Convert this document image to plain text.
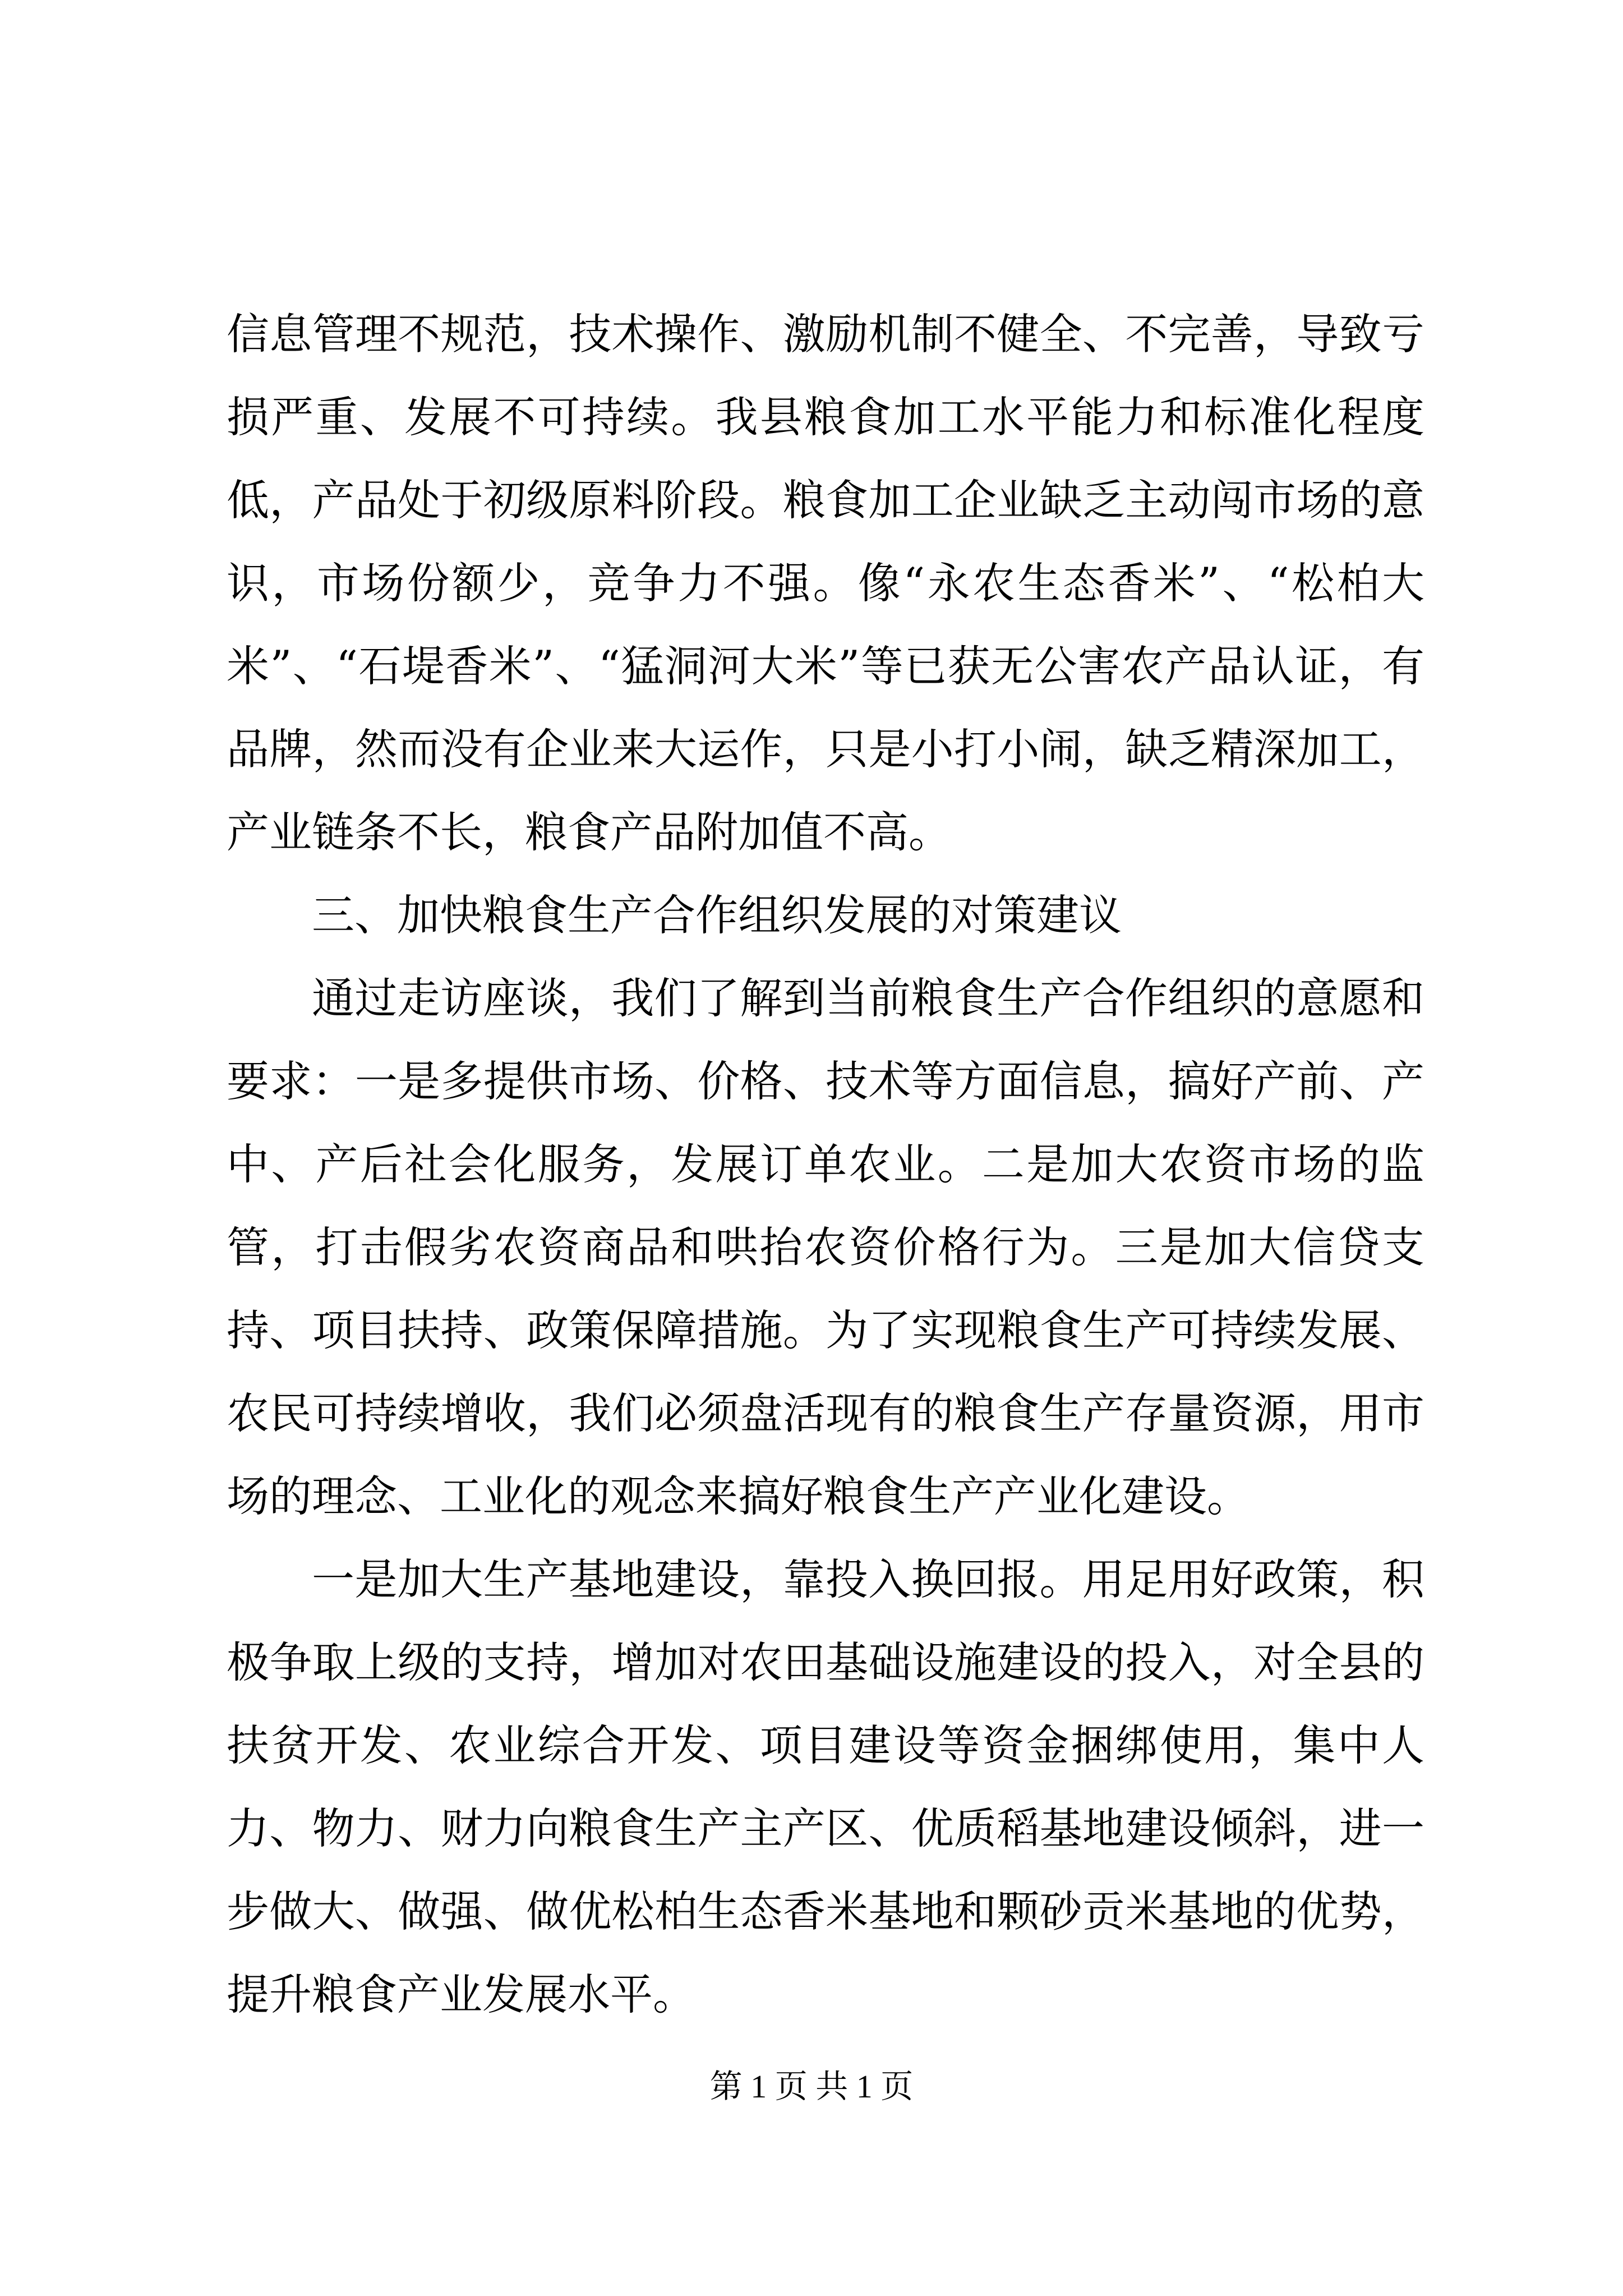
信息管理不规范，技术操作、激励机制不健全、不完善，导致亏损严重、发展不可持续。我县粮食加工水平能力和标准化程度低，产品处于初级原料阶段。粮食加工企业缺乏主动闯市场的意识，市场份额少，竞争力不强。像“永农生态香米”、“松柏大米”、“石堤香米”、“猛洞河大米”等已获无公害农产品认证，有品牌，然而没有企业来大运作，只是小打小闹，缺乏精深加工，产业链条不长，粮食产品附加值不高。

三、加快粮食生产合作组织发展的对策建议

通过走访座谈，我们了解到当前粮食生产合作组织的意愿和要求：一是多提供市场、价格、技术等方面信息，搞好产前、产中、产后社会化服务，发展订单农业。二是加大农资市场的监管，打击假劣农资商品和哄抬农资价格行为。三是加大信贷支持、项目扶持、政策保障措施。为了实现粮食生产可持续发展、农民可持续增收，我们必须盘活现有的粮食生产存量资源，用市场的理念、工业化的观念来搞好粮食生产产业化建设。

一是加大生产基地建设，靠投入换回报。用足用好政策，积极争取上级的支持，增加对农田基础设施建设的投入，对全县的扶贫开发、农业综合开发、项目建设等资金捆绑使用，集中人力、物力、财力向粮食生产主产区、优质稻基地建设倾斜，进一步做大、做强、做优松柏生态香米基地和颗砂贡米基地的优势，提升粮食产业发展水平。

第 1 页 共 1 页
